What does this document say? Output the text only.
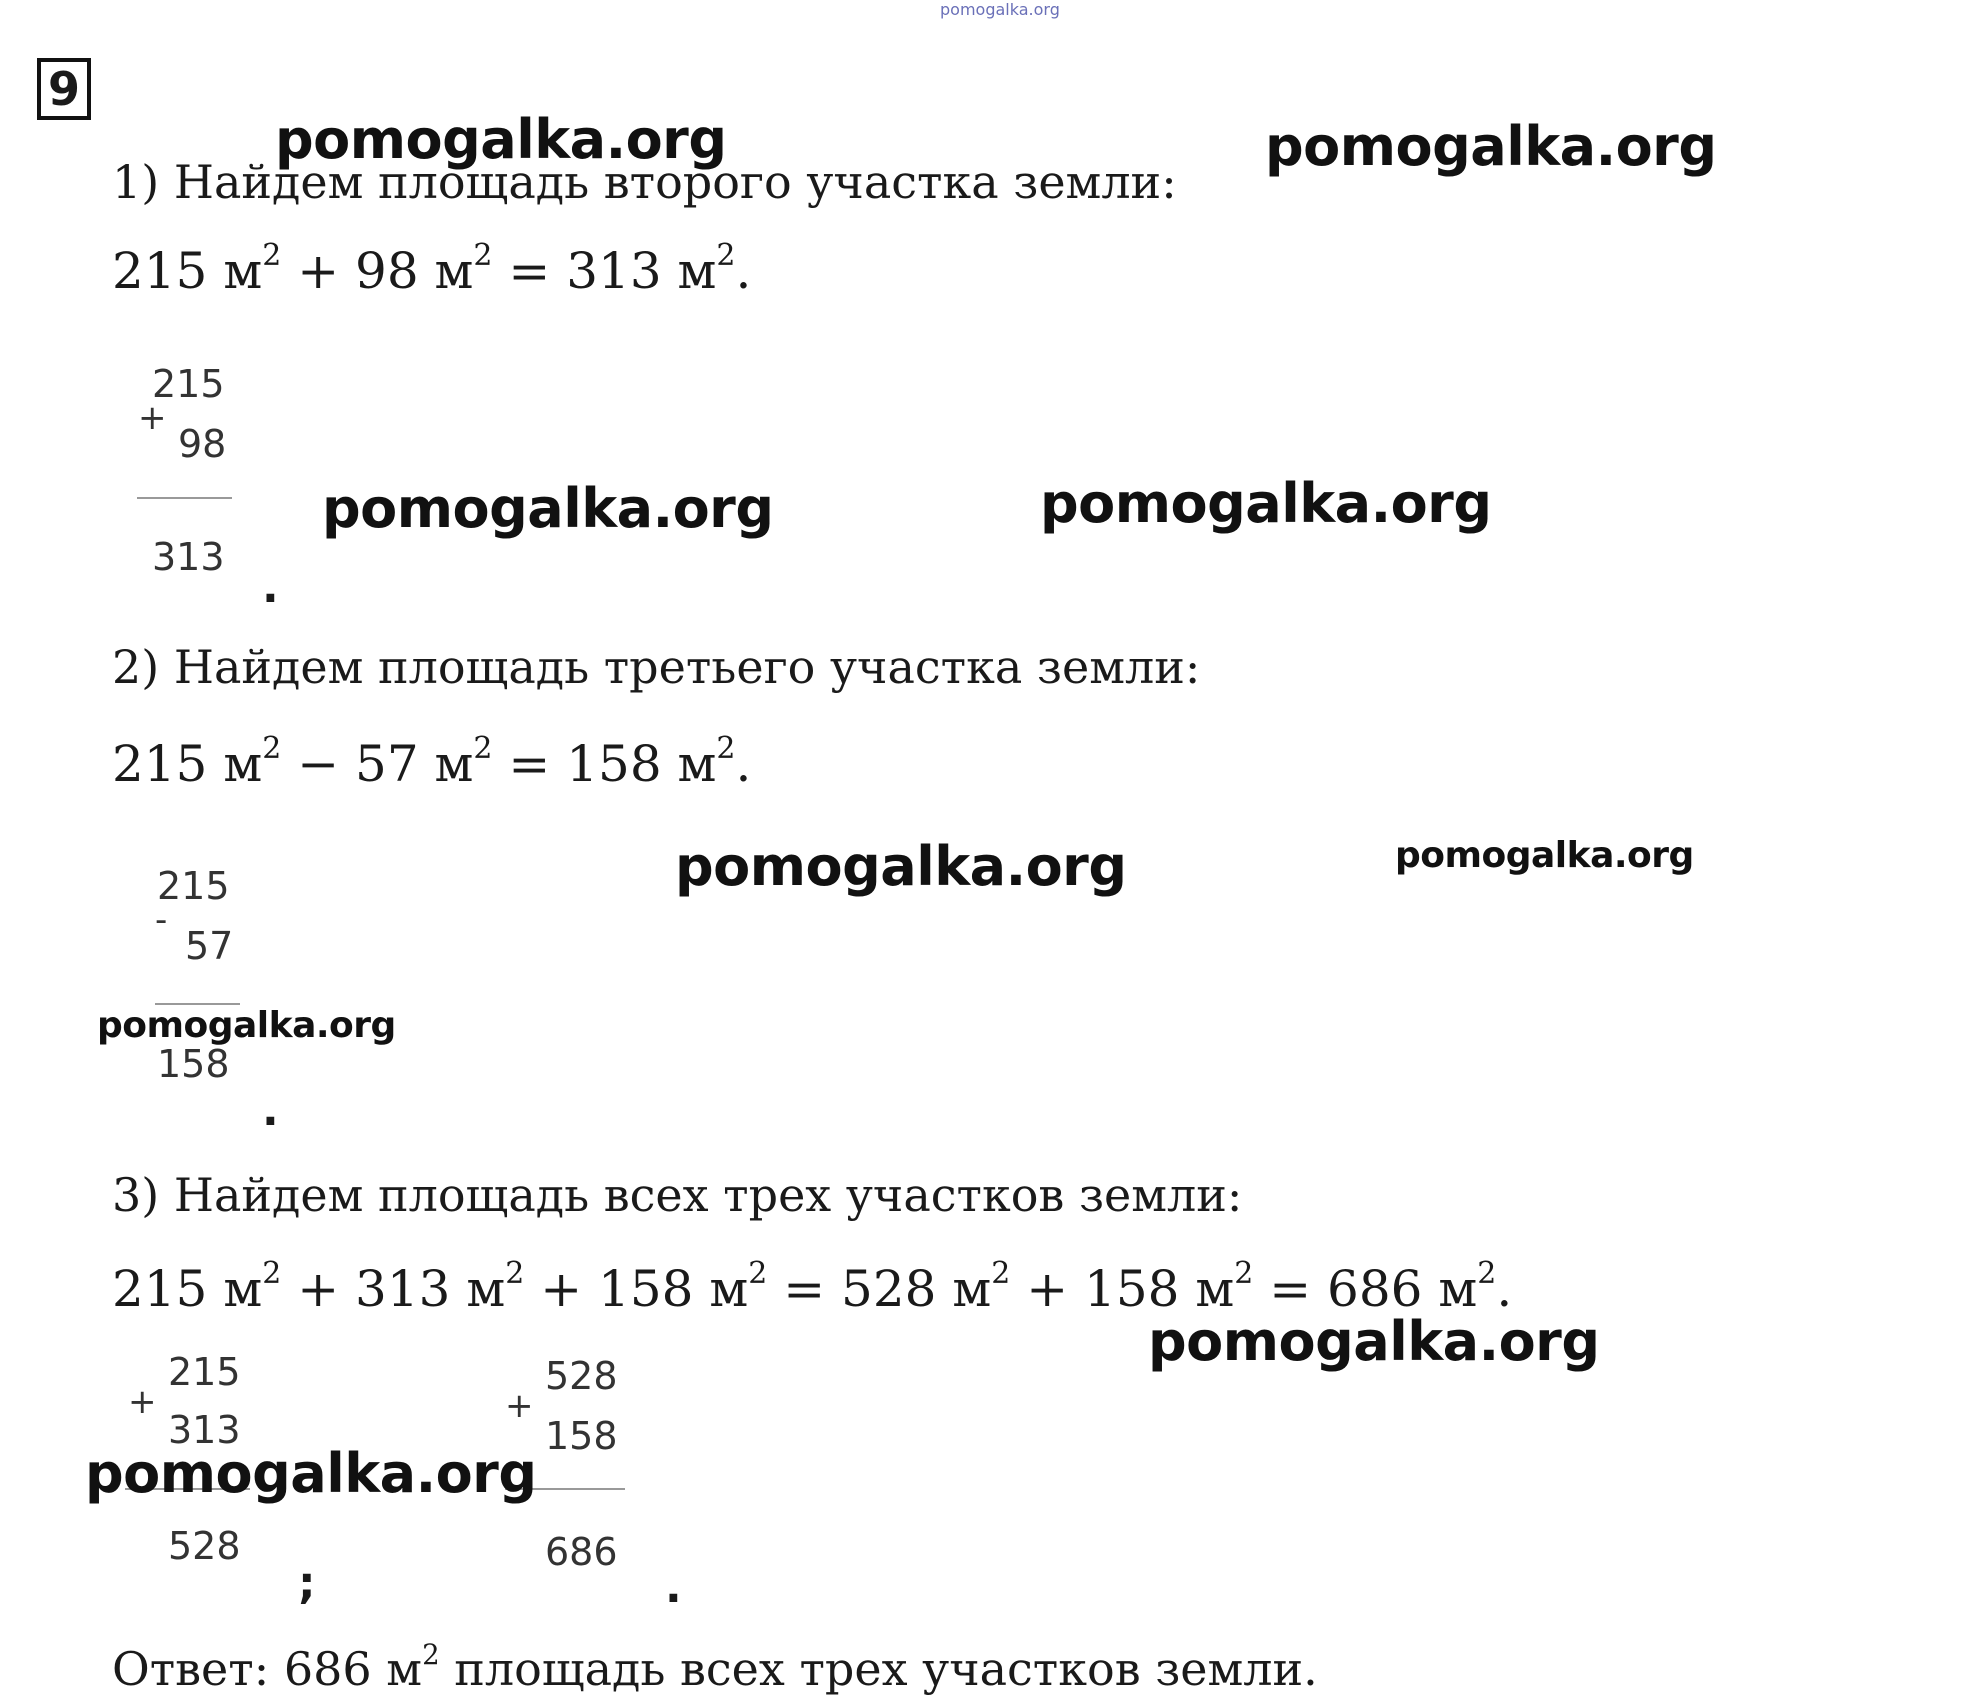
pomogalka.org
9
1) Найдем площадь второго участка земли:
215 $м^2 + 98$ $м^2 = 313$ $м^2$.
215
+
98
313
.
2) Найдем площадь третьего участка земли:
215 $м^2 - 57$ $м^2 = 158$ $м^2$.
215
-
57
158
.
3) Найдем площадь всех трех участков земли:
215 $м^2 + 313$ $м^2 + 158$ $м^2 = 528$ $м^2 + 158$ $м^2 = 686$ $м^2$.
215
+
313
528
;
528
+
158
686
.
Ответ: 686 $м^2$ площадь всех трех участков земли.
pomogalka.org	pomogalka.org
pomogalka.org	pomogalka.org
pomogalka.org	pomogalka.org
pomogalka.org
pomogalka.org
pomogalka.org
